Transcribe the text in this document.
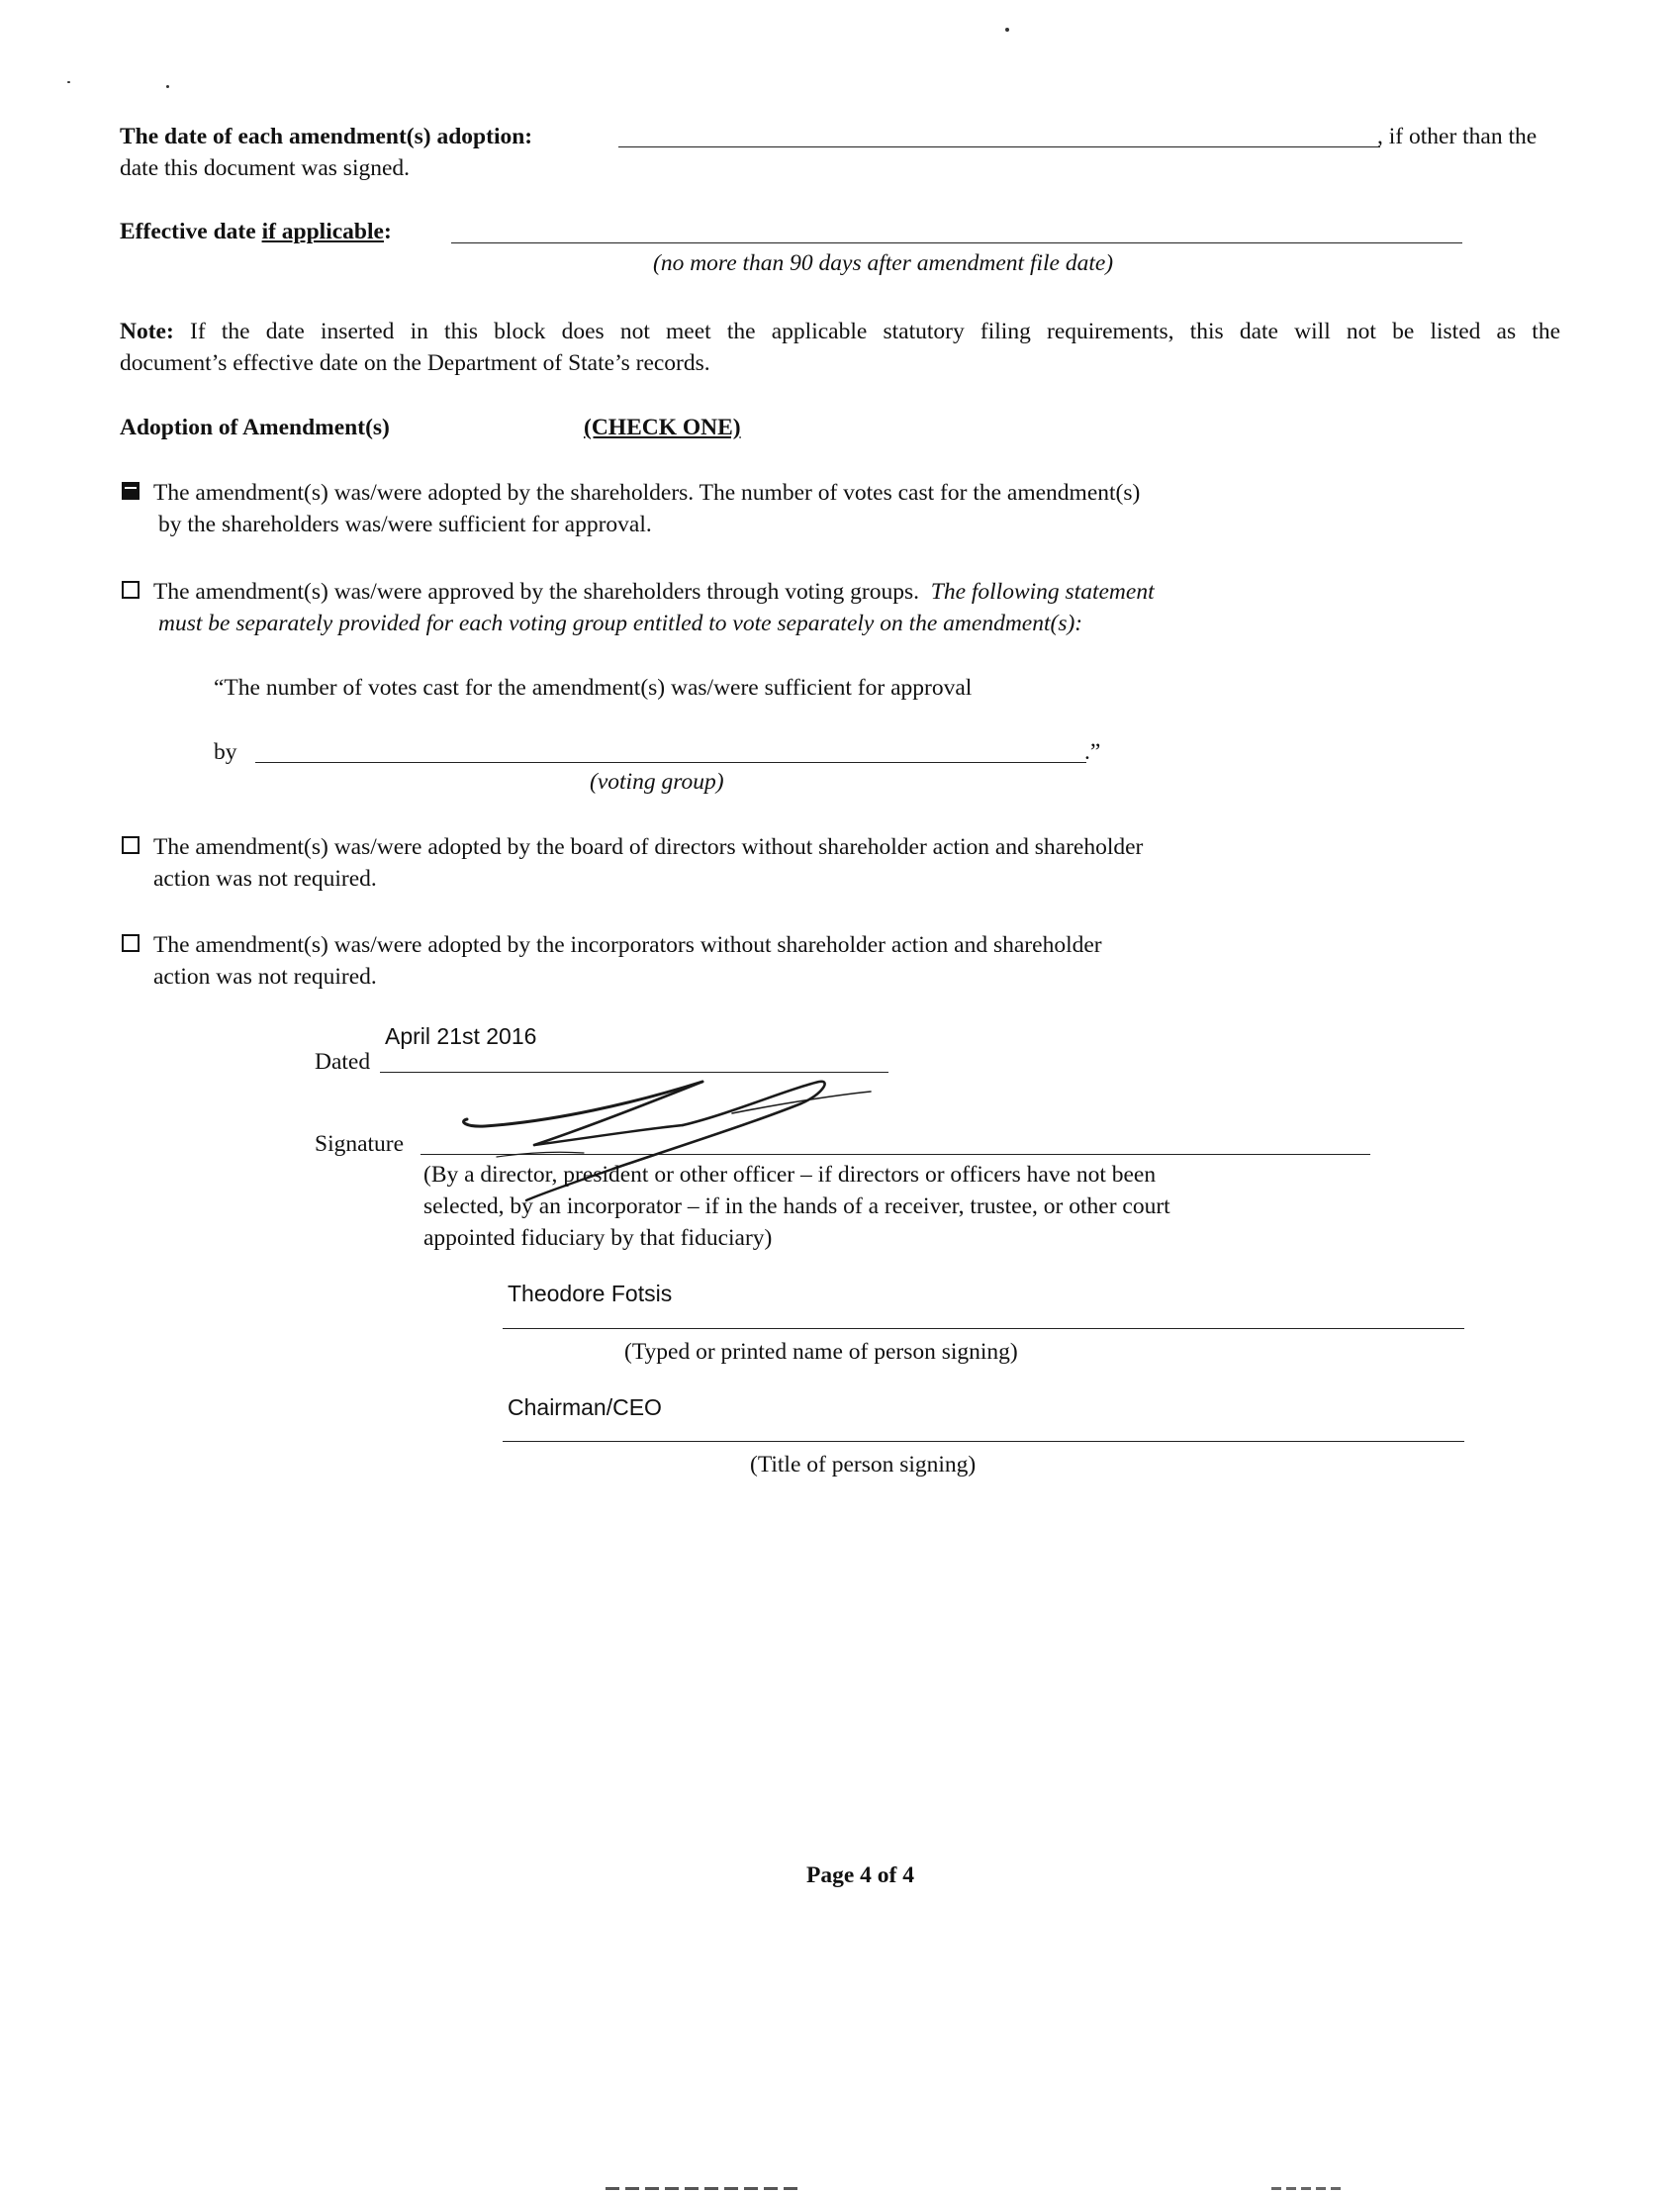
The date of each amendment(s) adoption:	, if other than the
date this document was signed.
Effective date if applicable:
(no more than 90 days after amendment file date)
Note: If the date inserted in this block does not meet the applicable statutory filing requirements, this date will not be listed as the
document’s effective date on the Department of State’s records.
Adoption of Amendment(s)	(CHECK ONE)
The amendment(s) was/were adopted by the shareholders. The number of votes cast for the amendment(s)
by the shareholders was/were sufficient for approval.
The amendment(s) was/were approved by the shareholders through voting groups. The following statement
must be separately provided for each voting group entitled to vote separately on the amendment(s):
“The number of votes cast for the amendment(s) was/were sufficient for approval
by	.”
(voting group)
The amendment(s) was/were adopted by the board of directors without shareholder action and shareholder
action was not required.
The amendment(s) was/were adopted by the incorporators without shareholder action and shareholder
action was not required.
April 21st 2016
Dated
Signature
(By a director, president or other officer – if directors or officers have not been
selected, by an incorporator – if in the hands of a receiver, trustee, or other court
appointed fiduciary by that fiduciary)
Theodore Fotsis
(Typed or printed name of person signing)
Chairman/CEO
(Title of person signing)
Page 4 of 4
